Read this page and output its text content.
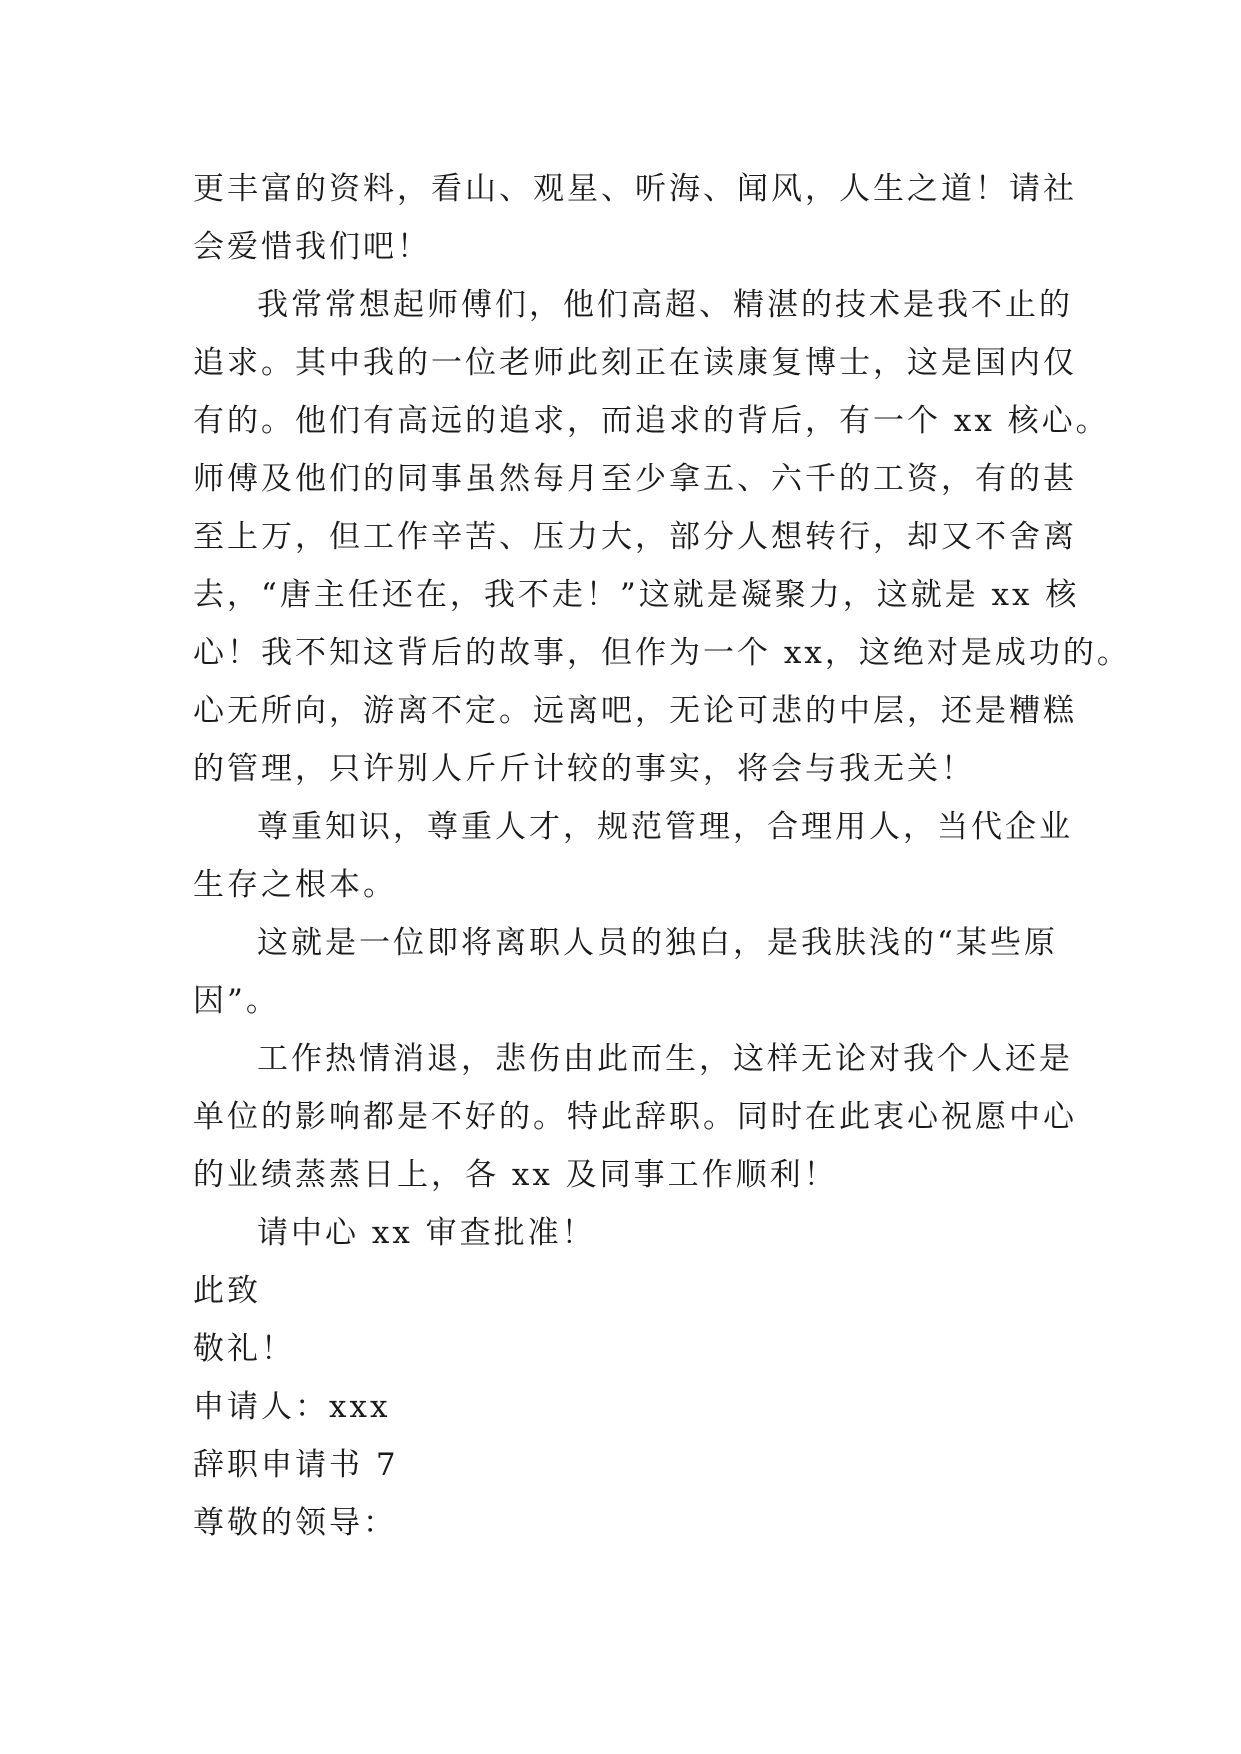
更丰富的资料，看山、观星、听海、闻风，人生之道！请社
会爱惜我们吧！
我常常想起师傅们，他们高超、精湛的技术是我不止的
追求。其中我的一位老师此刻正在读康复博士，这是国内仅
有的。他们有高远的追求，而追求的背后，有一个 xx 核心。
师傅及他们的同事虽然每月至少拿五、六千的工资，有的甚
至上万，但工作辛苦、压力大，部分人想转行，却又不舍离
去，“唐主任还在，我不走！”这就是凝聚力，这就是 xx 核
心！我不知这背后的故事，但作为一个 xx，这绝对是成功的。
心无所向，游离不定。远离吧，无论可悲的中层，还是糟糕
的管理，只许别人斤斤计较的事实，将会与我无关！
尊重知识，尊重人才，规范管理，合理用人，当代企业
生存之根本。
这就是一位即将离职人员的独白，是我肤浅的“某些原
因”。
工作热情消退，悲伤由此而生，这样无论对我个人还是
单位的影响都是不好的。特此辞职。同时在此衷心祝愿中心
的业绩蒸蒸日上，各 xx 及同事工作顺利！
请中心 xx 审查批准！
此致
敬礼！
申请人：xxx
辞职申请书 7
尊敬的领导：
